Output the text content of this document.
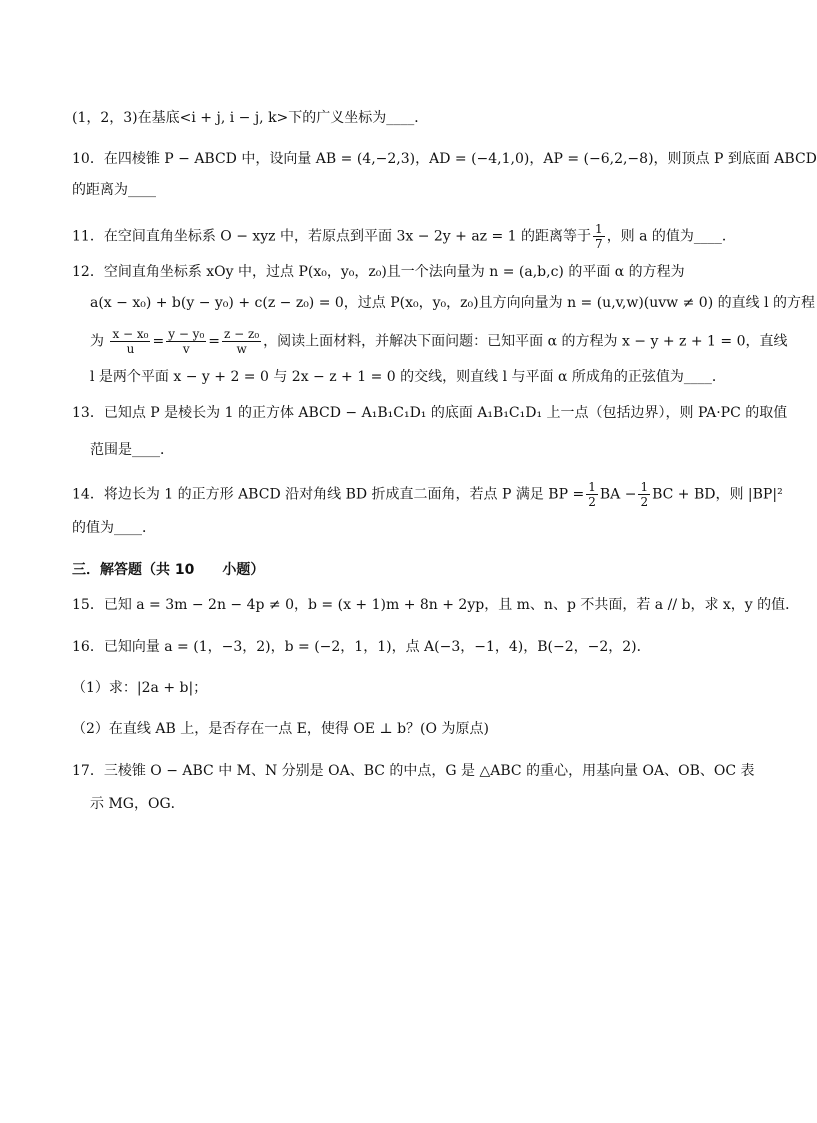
(1，2，3)在基底<i + j, i − j, k>下的广义坐标为____．
10．在四棱锥 P − ABCD 中，设向量 AB = (4,−2,3)，AD = (−4,1,0)，AP = (−6,2,−8)，则顶点 P 到底面 ABCD
的距离为____
11．在空间直角坐标系 O − xyz 中，若原点到平面 3x − 2y + az = 1 的距离等于 $\frac{1}{7}$ ，则 a 的值为____．
12．空间直角坐标系 xOy 中，过点 P(x₀，y₀，z₀)且一个法向量为 n = (a,b,c) 的平面 α 的方程为
a(x − x₀) + b(y − y₀) + c(z − z₀) = 0，过点 P(x₀，y₀，z₀)且方向向量为 n = (u,v,w)(uvw ≠ 0) 的直线 l 的方程
为 $\frac{\text{x − x₀}}{u} = \frac{\text{y − y₀}}{v} = \frac{\text{z − z₀}}{w}$ ，阅读上面材料，并解决下面问题：已知平面 α 的方程为 x − y + z + 1 = 0，直线
l 是两个平面 x − y + 2 = 0 与 2x − z + 1 = 0 的交线，则直线 l 与平面 α 所成角的正弦值为____．
13．已知点 P 是棱长为 1 的正方体 ABCD − A₁B₁C₁D₁ 的底面 A₁B₁C₁D₁ 上一点（包括边界），则 PA·PC 的取值
范围是____．
14．将边长为 1 的正方形 ABCD 沿对角线 BD 折成直二面角，若点 P 满足 BP = $\frac{1}{2}$ BA − $\frac{1}{2}$ BC + BD，则 |BP|²
的值为____．
三．解答题（共 10　　小题）
15．已知 a = 3m − 2n − 4p ≠ 0，b = (x + 1)m + 8n + 2yp，且 m、n、p 不共面，若 a // b，求 x，y 的值．
16．已知向量 a = (1，−3，2)，b = (−2，1，1)，点 A(−3，−1，4)，B(−2，−2，2)．
（1）求：|2a + b|；
（2）在直线 AB 上，是否存在一点 E，使得 OE ⊥ b？(O 为原点)
17．三棱锥 O − ABC 中 M、N 分别是 OA、BC 的中点，G 是 △ABC 的重心，用基向量 OA、OB、OC 表
示 MG，OG．
